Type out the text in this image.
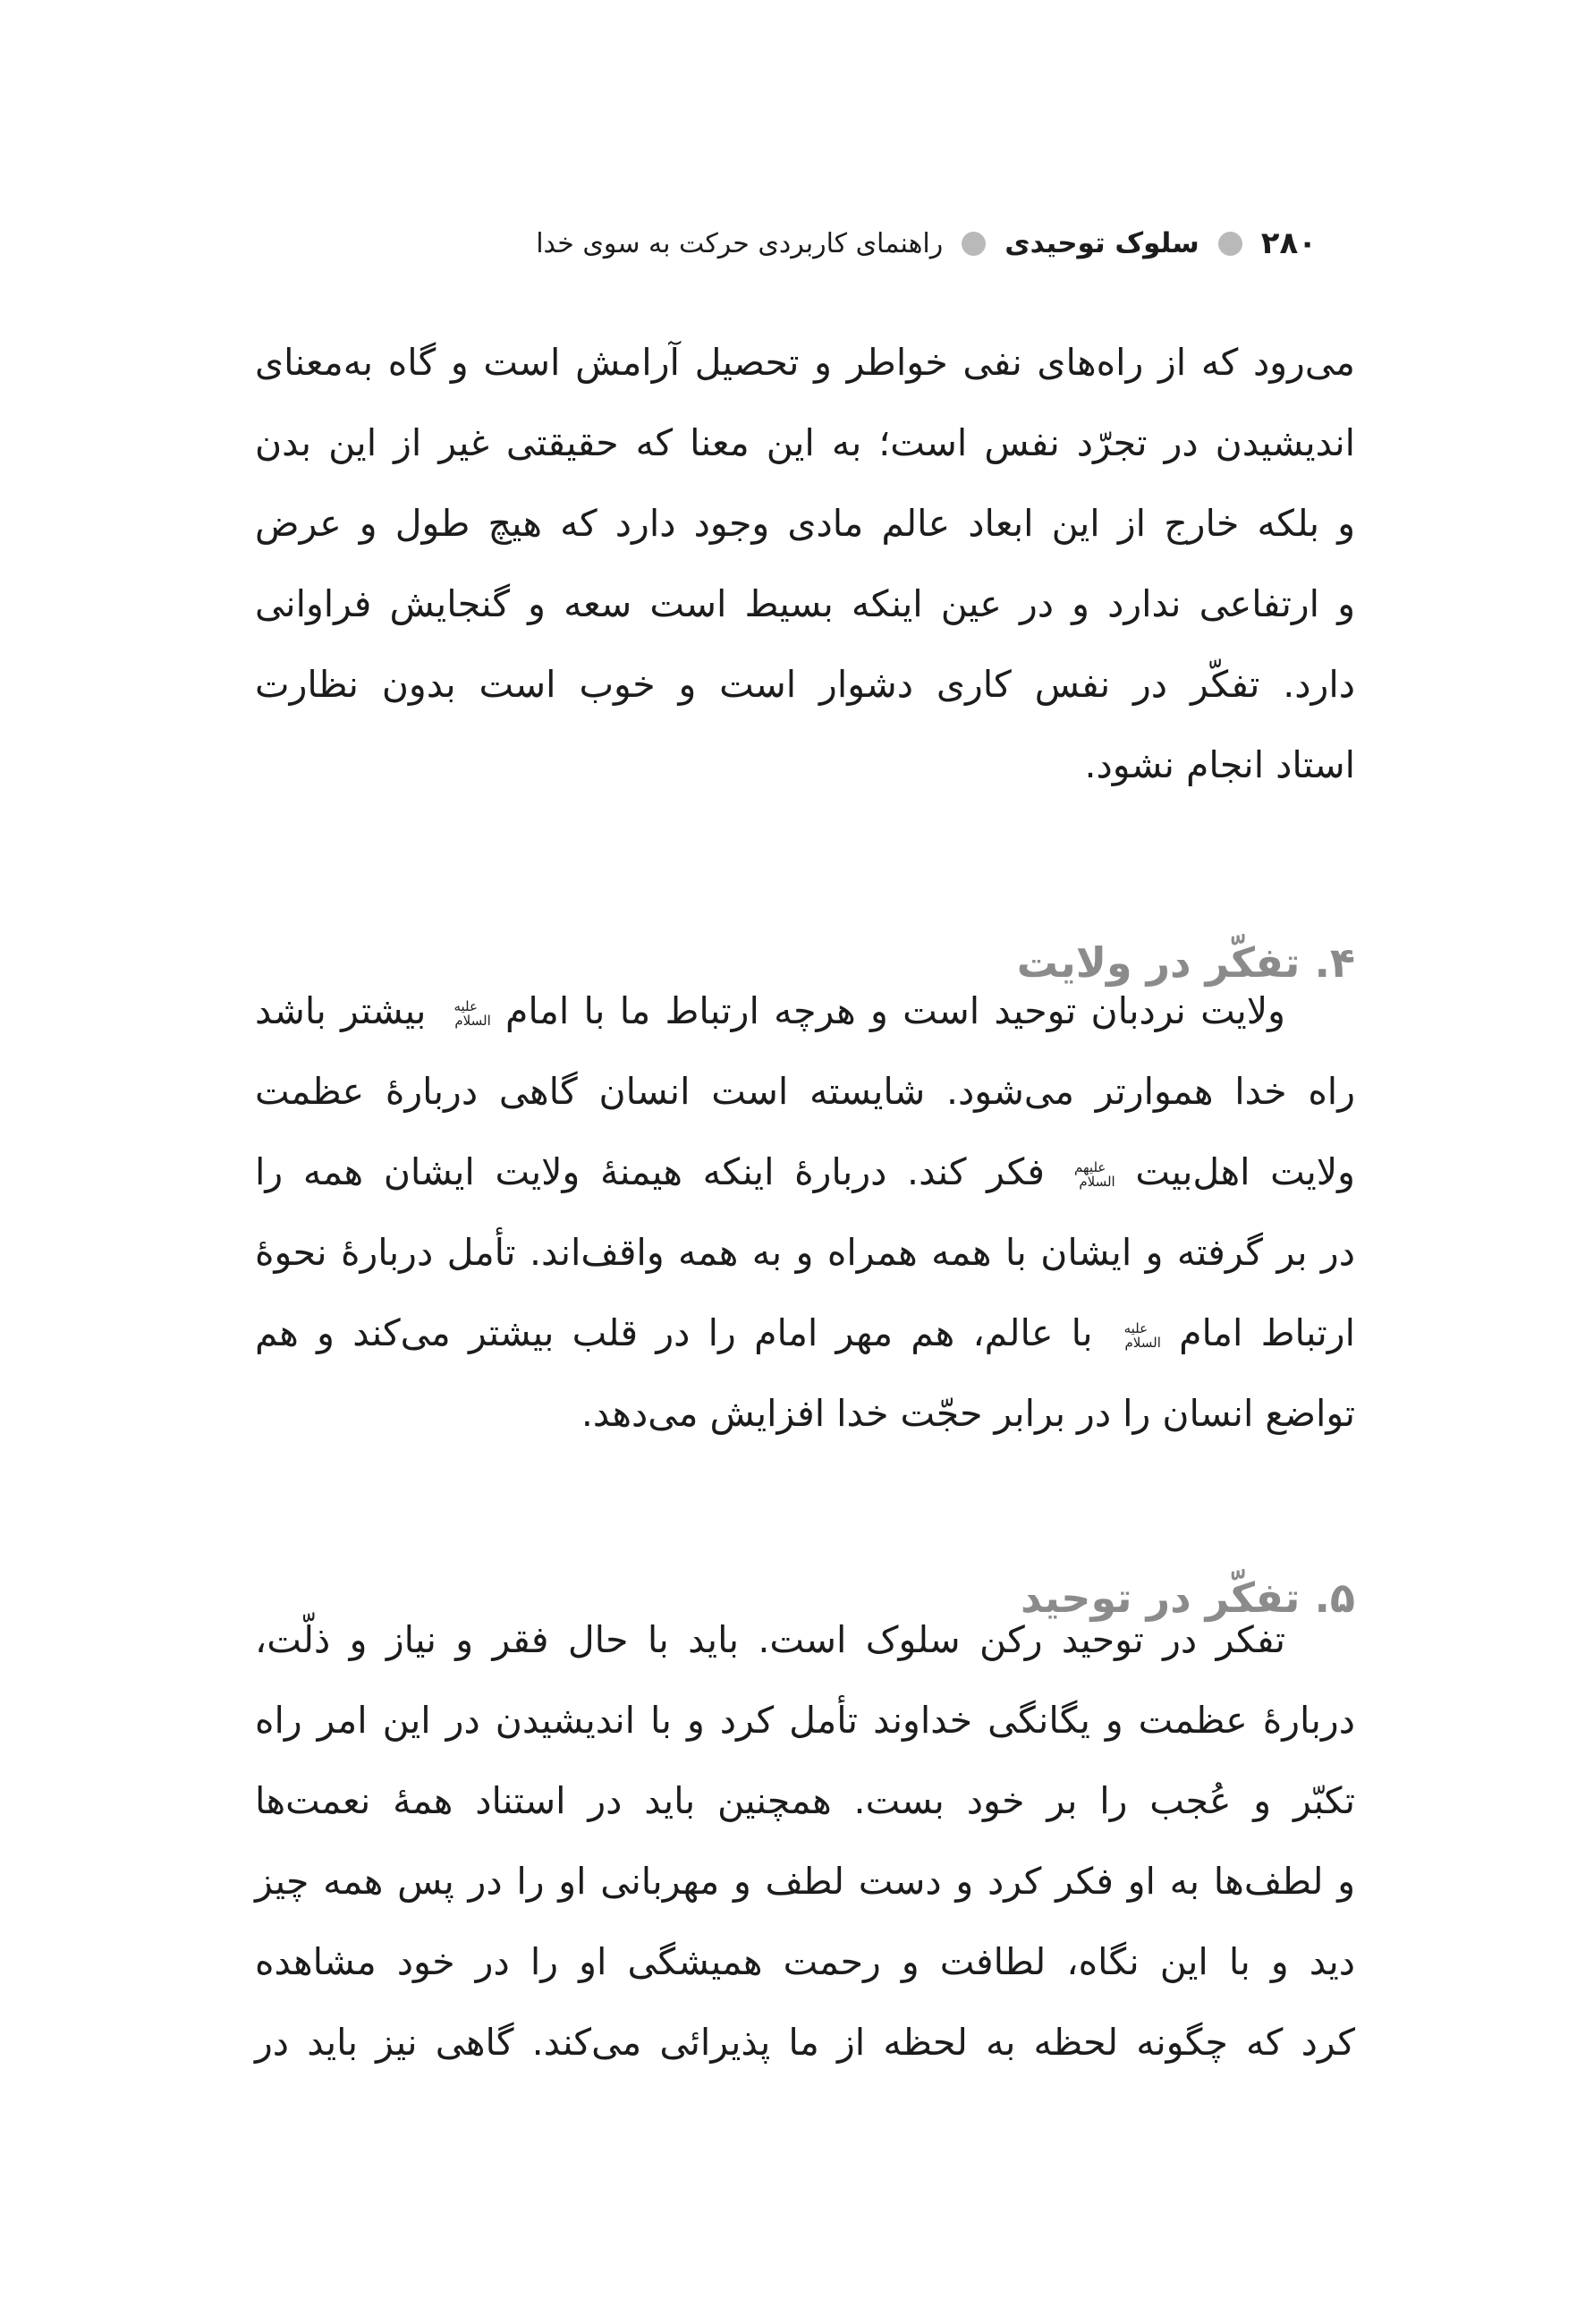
۲۸۰
سلوک توحیدی
راهنمای کاربردی حرکت به سوی خدا
می‌رود که از راه‌های نفی خواطر و تحصیل آرامش است و گاه به‌معنای
اندیشیدن در تجرّد نفس است؛ به این معنا که حقیقتی غیر از این بدن
و بلکه خارج از این ابعاد عالم مادی وجود دارد که هیچ طول و عرض
و ارتفاعی ندارد و در عین اینکه بسیط است سعه و گنجایش فراوانی
دارد. تفکّر در نفس کاری دشوار است و خوب است بدون نظارت
استاد انجام نشود.
۴. تفکّر در ولایت
ولایت نردبان توحید است و هرچه ارتباط ما با امام علیه السلام بیشتر باشد
راه خدا هموارتر می‌شود. شایسته است انسان گاهی دربارهٔ عظمت
ولایت اهل‌بیت علیهم السلام فکر کند. دربارهٔ اینکه هیمنهٔ ولایت ایشان همه را
در بر گرفته و ایشان با همه همراه و به همه واقف‌اند. تأمل دربارهٔ نحوهٔ
ارتباط امام علیه السلام با عالم، هم مهر امام را در قلب بیشتر می‌کند و هم
تواضع انسان را در برابر حجّت خدا افزایش می‌دهد.
۵. تفکّر در توحید
تفکر در توحید رکن سلوک است. باید با حال فقر و نیاز و ذلّت،
دربارهٔ عظمت و یگانگی خداوند تأمل کرد و با اندیشیدن در این امر راه
تکبّر و عُجب را بر خود بست. همچنین باید در استناد همهٔ نعمت‌ها
و لطف‌ها به او فکر کرد و دست لطف و مهربانی او را در پس همه چیز
دید و با این نگاه، لطافت و رحمت همیشگی او را در خود مشاهده
کرد که چگونه لحظه به لحظه از ما پذیرائی می‌کند. گاهی نیز باید در
